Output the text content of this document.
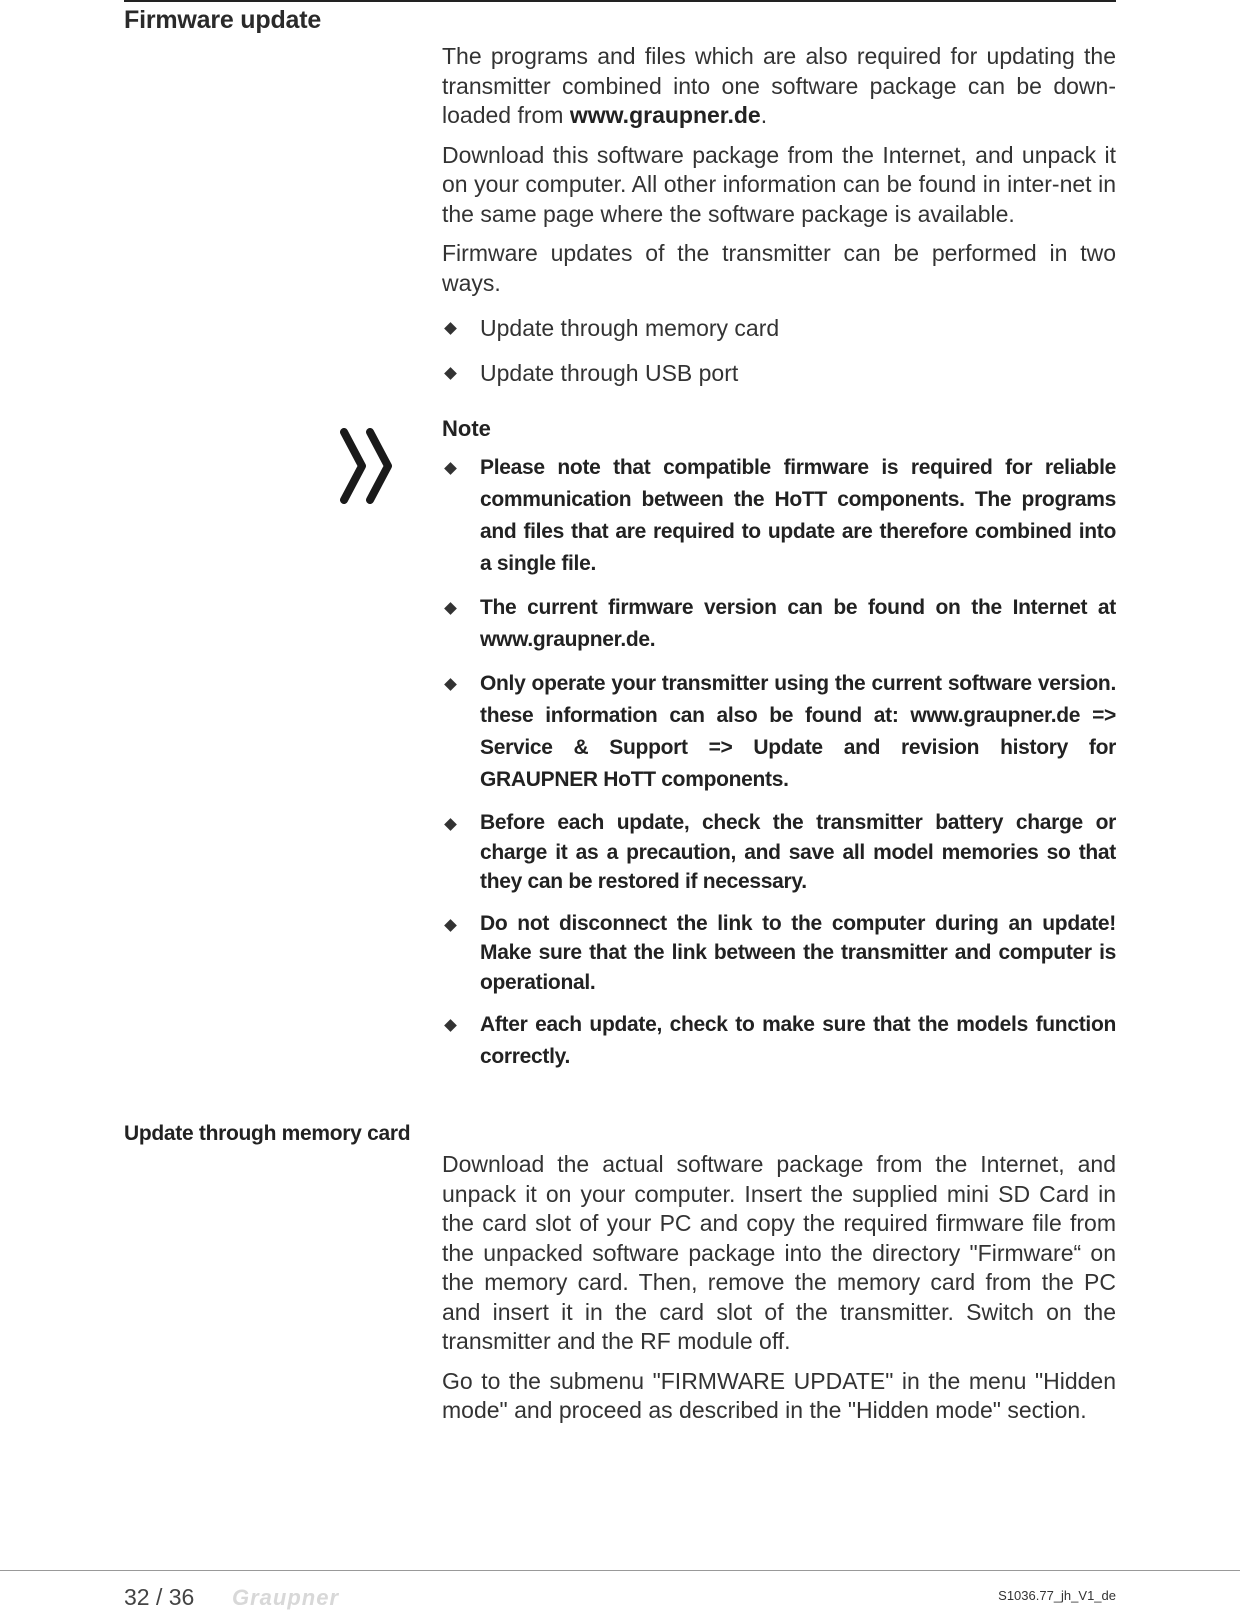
Firmware update

The programs and files which are also required for updating the transmitter combined into one software package can be down-loaded from www.graupner.de.

Download this software package from the Internet, and unpack it on your computer. All other information can be found in inter-net in the same page where the software package is available.

Firmware updates of the transmitter can be performed in two ways.

Update through memory card
Update through USB port
Note
Please note that compatible firmware is required for reliable communication between the HoTT components. The programs and files that are required to update are therefore combined into a single file.
The current firmware version can be found on the Internet at www.graupner.de.
Only operate your transmitter using the current software version. these information can also be found at: www.graupner.de => Service & Support => Update and revision history for GRAUPNER HoTT components.
Before each update, check the transmitter battery charge or charge it as a precaution, and save all model memories so that they can be restored if necessary.
Do not disconnect the link to the computer during an update! Make sure that the link between the transmitter and computer is operational.
After each update, check to make sure that the models function correctly.
Update through memory card

Download the actual software package from the Internet, and unpack it on your computer. Insert the supplied mini SD Card in the card slot of your PC and copy the required firmware file from the unpacked software package into the directory "Firmware“ on the memory card. Then, remove the memory card from the PC and insert it in the card slot of the transmitter. Switch on the transmitter and the RF module off.

Go to the submenu "FIRMWARE UPDATE" in the menu "Hidden mode" and proceed as described in the "Hidden mode" section.

32 / 36 Graupner	S1036.77_jh_V1_de
